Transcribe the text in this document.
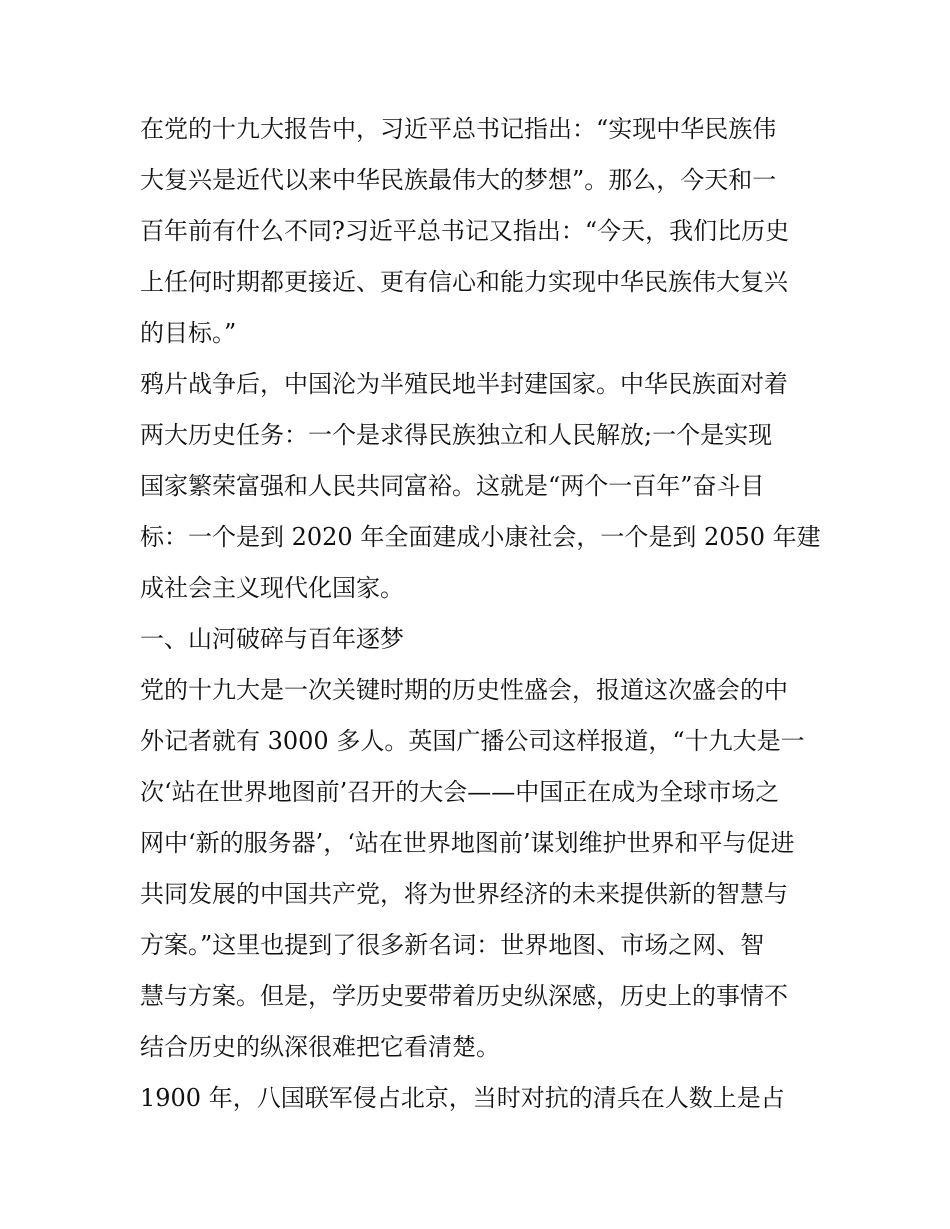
在党的十九大报告中，习近平总书记指出：“实现中华民族伟
大复兴是近代以来中华民族最伟大的梦想”。那么，今天和一
百年前有什么不同?习近平总书记又指出：“今天，我们比历史
上任何时期都更接近、更有信心和能力实现中华民族伟大复兴
的目标。”
鸦片战争后，中国沦为半殖民地半封建国家。中华民族面对着
两大历史任务：一个是求得民族独立和人民解放;一个是实现
国家繁荣富强和人民共同富裕。这就是“两个一百年”奋斗目
标：一个是到 2020 年全面建成小康社会，一个是到 2050 年建
成社会主义现代化国家。
一、山河破碎与百年逐梦
党的十九大是一次关键时期的历史性盛会，报道这次盛会的中
外记者就有 3000 多人。英国广播公司这样报道，“十九大是一
次‘站在世界地图前’召开的大会——中国正在成为全球市场之
网中‘新的服务器’，‘站在世界地图前’谋划维护世界和平与促进
共同发展的中国共产党，将为世界经济的未来提供新的智慧与
方案。”这里也提到了很多新名词：世界地图、市场之网、智
慧与方案。但是，学历史要带着历史纵深感，历史上的事情不
结合历史的纵深很难把它看清楚。
1900 年，八国联军侵占北京，当时对抗的清兵在人数上是占
